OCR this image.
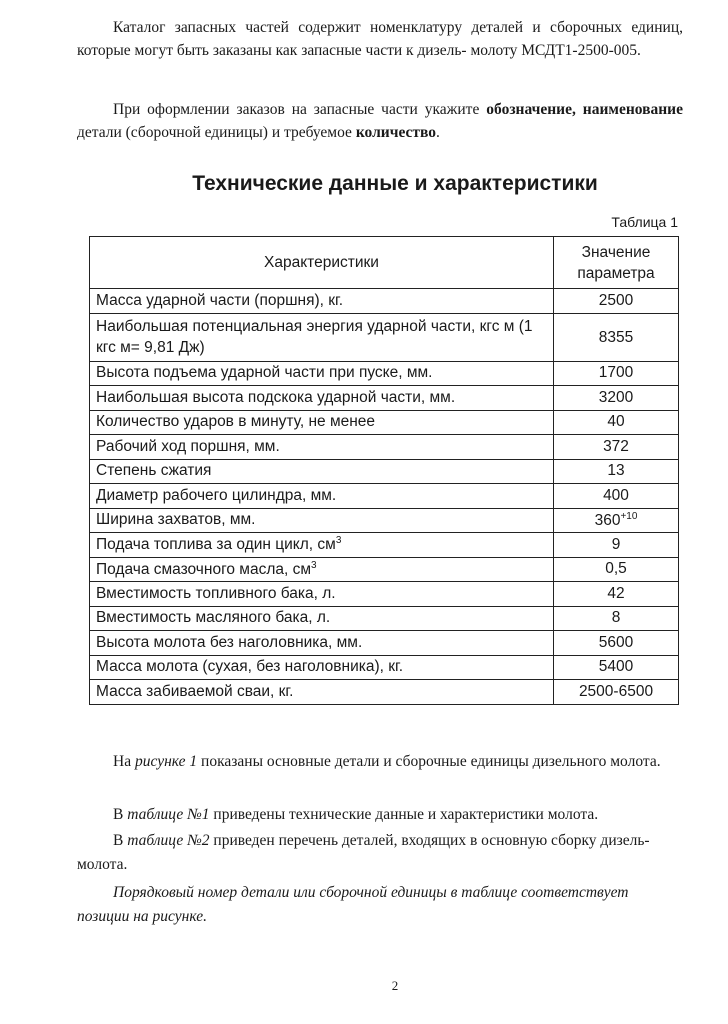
Каталог запасных частей содержит номенклатуру деталей и сборочных единиц, которые могут быть заказаны как запасные части к дизель- молоту МСДТ1-2500-005.
При оформлении заказов на запасные части укажите обозначение, наименование детали (сборочной единицы) и требуемое количество.
Технические данные и характеристики
Таблица 1
Характеристики	Значение параметра
Масса ударной части (поршня), кг.	2500
Наибольшая потенциальная энергия ударной части, кгс м (1 кгс м= 9,81 Дж)	8355
Высота подъема ударной части при пуске, мм.	1700
Наибольшая высота подскока ударной части, мм.	3200
Количество ударов в минуту, не менее	40
Рабочий ход поршня, мм.	372
Степень сжатия	13
Диаметр рабочего цилиндра, мм.	400
Ширина захватов, мм.	$360^{+10}$
Подача топлива за один цикл, $см^3$	9
Подача смазочного масла, $см^3$	0,5
Вместимость топливного бака, л.	42
Вместимость масляного бака, л.	8
Высота молота без наголовника, мм.	5600
Масса молота (сухая, без наголовника), кг.	5400
Масса забиваемой сваи, кг.	2500-6500
На рисунке 1 показаны основные детали и сборочные единицы дизельного молота.
В таблице №1 приведены технические данные и характеристики молота.
В таблице №2 приведен перечень деталей, входящих в основную сборку дизель- молота.
Порядковый номер детали или сборочной единицы в таблице соответствует позиции на рисунке.
2
